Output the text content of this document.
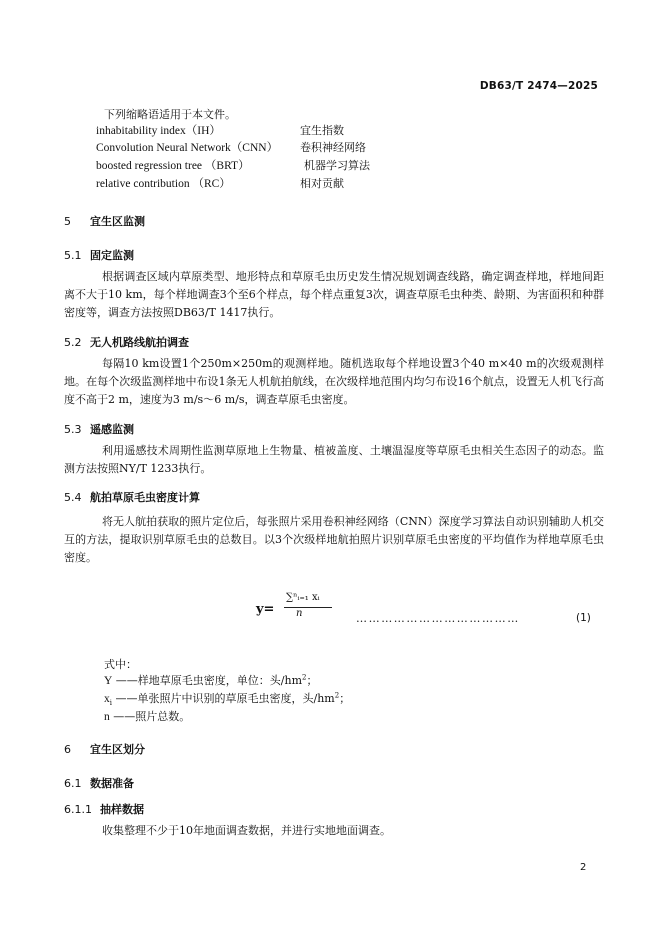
DB63/T 2474—2025
下列缩略语适用于本文件。
inhabitability index（IH）	宜生指数
Convolution Neural Network（CNN） 卷积神经网络
boosted regression tree （BRT）	机器学习算法
relative contribution （RC）	相对贡献
5 宜生区监测
5.1 固定监测

根据调查区域内草原类型、地形特点和草原毛虫历史发生情况规划调查线路，确定调查样地，样地间距离不大于10 km，每个样地调查3个至6个样点，每个样点重复3次，调查草原毛虫种类、龄期、为害面积和种群密度等，调查方法按照DB63/T 1417执行。

5.2 无人机路线航拍调查

每隔10 km设置1个250m×250m的观测样地。随机选取每个样地设置3个40 m×40 m的次级观测样地。在每个次级监测样地中布设1条无人机航拍航线，在次级样地范围内均匀布设16个航点，设置无人机飞行高度不高于2 m，速度为3 m/s～6 m/s，调查草原毛虫密度。

5.3 遥感监测

利用遥感技术周期性监测草原地上生物量、植被盖度、土壤温湿度等草原毛虫相关生态因子的动态。监测方法按照NY/T 1233执行。

5.4 航拍草原毛虫密度计算

将无人航拍获取的照片定位后，每张照片采用卷积神经网络（CNN）深度学习算法自动识别辅助人机交互的方法，提取识别草原毛虫的总数目。以3个次级样地航拍照片识别草原毛虫密度的平均值作为样地草原毛虫密度。

y=
∑ⁿᵢ₌₁ xᵢ
n	…………………………………	(1)
式中：
Y ——样地草原毛虫密度，单位：头$/hm^2$；
$x_i$ ——单张照片中识别的草原毛虫密度，头$/hm^2$；
n ——照片总数。
6 宜生区划分
6.1 数据准备
6.1.1 抽样数据

收集整理不少于10年地面调查数据，并进行实地地面调查。

2
